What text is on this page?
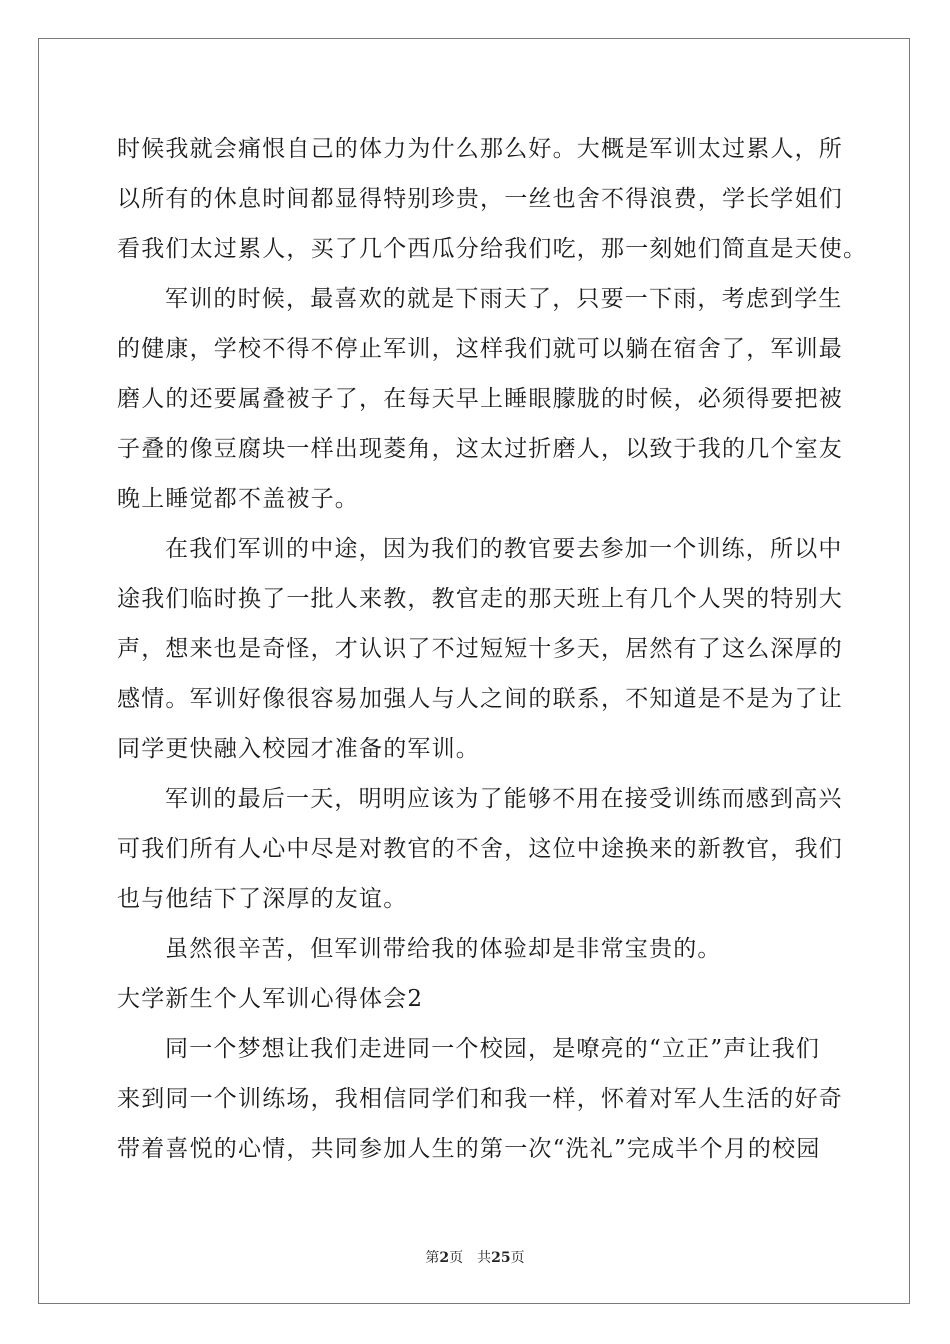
时候我就会痛恨自己的体力为什么那么好。大概是军训太过累人，所
以所有的休息时间都显得特别珍贵，一丝也舍不得浪费，学长学姐们
看我们太过累人，买了几个西瓜分给我们吃，那一刻她们简直是天使。
军训的时候，最喜欢的就是下雨天了，只要一下雨，考虑到学生
的健康，学校不得不停止军训，这样我们就可以躺在宿舍了，军训最
磨人的还要属叠被子了，在每天早上睡眼朦胧的时候，必须得要把被
子叠的像豆腐块一样出现菱角，这太过折磨人，以致于我的几个室友
晚上睡觉都不盖被子。
在我们军训的中途，因为我们的教官要去参加一个训练，所以中
途我们临时换了一批人来教，教官走的那天班上有几个人哭的特别大
声，想来也是奇怪，才认识了不过短短十多天，居然有了这么深厚的
感情。军训好像很容易加强人与人之间的联系，不知道是不是为了让
同学更快融入校园才准备的军训。
军训的最后一天，明明应该为了能够不用在接受训练而感到高兴
可我们所有人心中尽是对教官的不舍，这位中途换来的新教官，我们
也与他结下了深厚的友谊。
虽然很辛苦，但军训带给我的体验却是非常宝贵的。
大学新生个人军训心得体会2
同一个梦想让我们走进同一个校园，是嘹亮的“立正”声让我们
来到同一个训练场，我相信同学们和我一样，怀着对军人生活的好奇
带着喜悦的心情，共同参加人生的第一次“洗礼”完成半个月的校园
第2页 共25页
